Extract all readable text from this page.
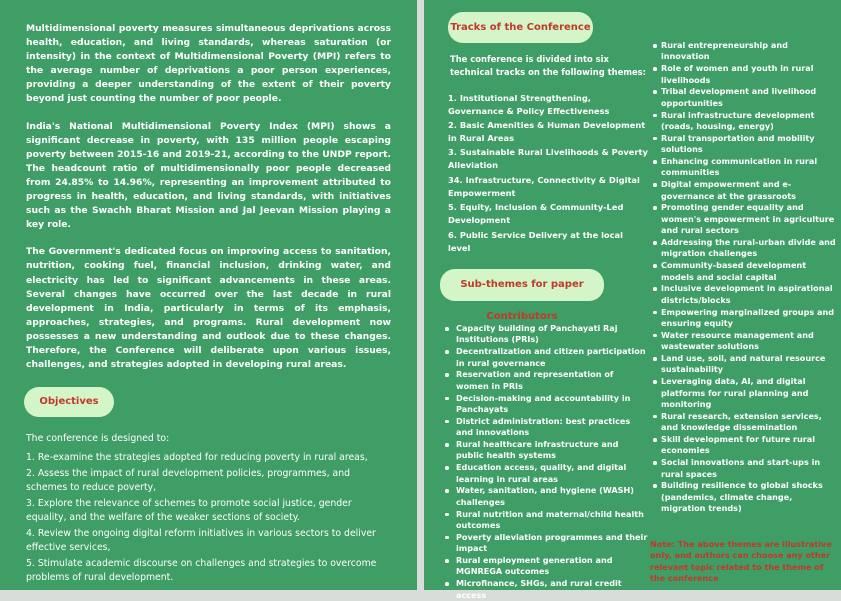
Multidimensional poverty measures simultaneous deprivations across health, education, and living standards, whereas saturation (or intensity) in the context of Multidimensional Poverty (MPI) refers to the average number of deprivations a poor person experiences, providing a deeper understanding of the extent of their poverty beyond just counting the number of poor people.

India's National Multidimensional Poverty Index (MPI) shows a significant decrease in poverty, with 135 million people escaping poverty between 2015-16 and 2019-21, according to the UNDP report. The headcount ratio of multidimensionally poor people decreased from 24.85% to 14.96%, representing an improvement attributed to progress in health, education, and living standards, with initiatives such as the Swachh Bharat Mission and Jal Jeevan Mission playing a key role.

The Government's dedicated focus on improving access to sanitation, nutrition, cooking fuel, financial inclusion, drinking water, and electricity has led to significant advancements in these areas. Several changes have occurred over the last decade in rural development in India, particularly in terms of its emphasis, approaches, strategies, and programs. Rural development now possesses a new understanding and outlook due to these changes. Therefore, the Conference will deliberate upon various issues, challenges, and strategies adopted in developing rural areas.

Objectives

The conference is designed to:

1. Re-examine the strategies adopted for reducing poverty in rural areas,
2. Assess the impact of rural development policies, programmes, and schemes to reduce poverty,
3. Explore the relevance of schemes to promote social justice, gender equality, and the welfare of the weaker sections of society.
4. Review the ongoing digital reform initiatives in various sectors to deliver effective services,
5. Stimulate academic discourse on challenges and strategies to overcome problems of rural development.
Tracks of the Conference

The conference is divided into six technical tracks on the following themes:

1. Institutional Strengthening, Governance & Policy Effectiveness
2. Basic Amenities & Human Development in Rural Areas
3. Sustainable Rural Livelihoods & Poverty Alleviation
34. Infrastructure, Connectivity & Digital Empowerment
5. Equity, Inclusion & Community-Led Development
6. Public Service Delivery at the local level
Sub-themes for paper Contributors
Capacity building of Panchayati Raj Institutions (PRIs)
Decentralization and citizen participation in rural governance
Reservation and representation of women in PRIs
Decision-making and accountability in Panchayats
District administration: best practices and innovations
Rural healthcare infrastructure and public health systems
Education access, quality, and digital learning in rural areas
Water, sanitation, and hygiene (WASH) challenges
Rural nutrition and maternal/child health outcomes
Poverty alleviation programmes and their impact
Rural employment generation and MGNREGA outcomes
Microfinance, SHGs, and rural credit access
Rural entrepreneurship and innovation
Role of women and youth in rural livelihoods
Tribal development and livelihood opportunities
Rural infrastructure development (roads, housing, energy)
Rural transportation and mobility solutions
Enhancing communication in rural communities
Digital empowerment and e-governance at the grassroots
Promoting gender equality and women's empowerment in agriculture and rural sectors
Addressing the rural-urban divide and migration challenges
Community-based development models and social capital
Inclusive development in aspirational districts/blocks
Empowering marginalized groups and ensuring equity
Water resource management and wastewater solutions
Land use, soil, and natural resource sustainability
Leveraging data, AI, and digital platforms for rural planning and monitoring
Rural research, extension services, and knowledge dissemination
Skill development for future rural economies
Social innovations and start-ups in rural spaces
Building resilience to global shocks (pandemics, climate change, migration trends)

Note: The above themes are illustrative only, and authors can choose any other relevant topic related to the theme of the conference
